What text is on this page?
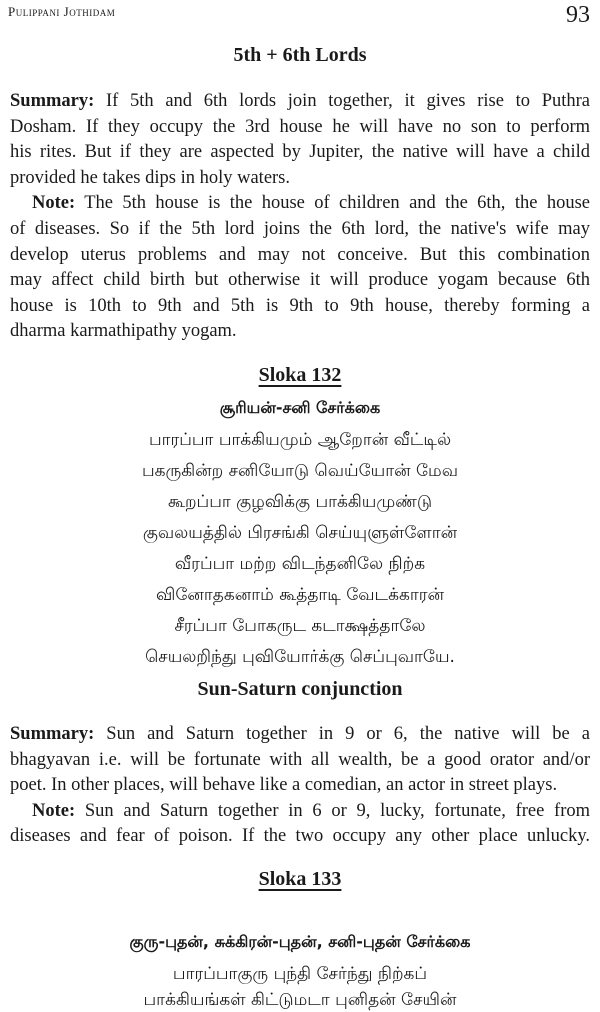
Pulippani Jothidam	93
5th + 6th Lords
Summary: If 5th and 6th lords join together, it gives rise to Puthra
Dosham. If they occupy the 3rd house he will have no son to perform
his rites. But if they are aspected by Jupiter, the native will have a child
provided he takes dips in holy waters.
Note: The 5th house is the house of children and the 6th, the house
of diseases. So if the 5th lord joins the 6th lord, the native's wife may
develop uterus problems and may not conceive. But this combination
may affect child birth but otherwise it will produce yogam because 6th
house is 10th to 9th and 5th is 9th to 9th house, thereby forming a
dharma karmathipathy yogam.
Sloka 132
சூரியன்-சனி சேர்க்கை
பாரப்பா பாக்கியமும் ஆறோன் வீட்டில்
பகருகின்ற சனியோடு வெய்யோன் மேவ
கூறப்பா குழவிக்கு பாக்கியமுண்டு
குவலயத்தில் பிரசங்கி செய்யுளுள்ளோன்
வீரப்பா மற்ற விடந்தனிலே நிற்க
வினோதகனாம் கூத்தாடி வேடக்காரன்
சீரப்பா போகருட கடாக்ஷத்தாலே
செயலறிந்து புவியோர்க்கு செப்புவாயே.
Sun-Saturn conjunction
Summary: Sun and Saturn together in 9 or 6, the native will be a
bhagyavan i.e. will be fortunate with all wealth, be a good orator and/or
poet. In other places, will behave like a comedian, an actor in street plays.
Note: Sun and Saturn together in 6 or 9, lucky, fortunate, free from
diseases and fear of poison. If the two occupy any other place unlucky.
Sloka 133
குரு-புதன், சுக்கிரன்-புதன், சனி-புதன் சேர்க்கை
பாரப்பாகுரு புந்தி சேர்ந்து நிற்கப்
பாக்கியங்கள் கிட்டுமடா புனிதன் சேயின்
